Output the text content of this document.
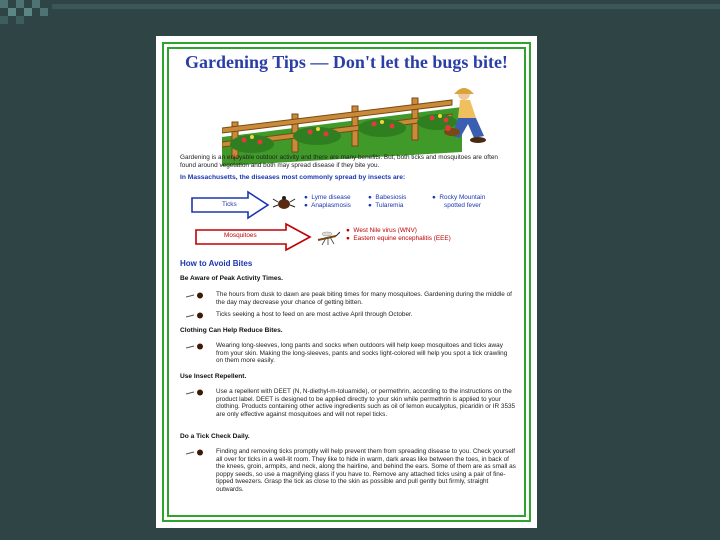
Gardening Tips — Don't let the bugs bite!
Gardening is an enjoyable outdoor activity and there are many benefits. But, both ticks and mosquitoes are often found around vegetation and both may spread disease if they bite you.
In Massachusetts, the diseases most commonly spread by insects are:
Ticks
●  Lyme disease
●  Anaplasmosis
●  Babesiosis
●  Tularemia
●  Rocky Mountain
spotted fever
Mosquitoes
●  West Nile virus (WNV)
●  Eastern equine encephalitis (EEE)
How to Avoid Bites
Be Aware of Peak Activity Times.
The hours from dusk to dawn are peak biting times for many mosquitoes. Gardening during the middle of the day may decrease your chance of getting bitten.
Ticks seeking a host to feed on are most active April through October.
Clothing Can Help Reduce Bites.
Wearing long-sleeves, long pants and socks when outdoors will help keep mosquitoes and ticks away from your skin. Making the long-sleeves, pants and socks light-colored will help you spot a tick crawling on them more easily.
Use Insect Repellent.
Use a repellent with DEET (N, N-diethyl-m-toluamide), or permethrin, according to the instructions on the product label. DEET is designed to be applied directly to your skin while permethrin is applied to your clothing. Products containing other active ingredients such as oil of lemon eucalyptus, picaridin or IR 3535 are only effective against mosquitoes and will not repel ticks.
Do a Tick Check Daily.
Finding and removing ticks promptly will help prevent them from spreading disease to you. Check yourself all over for ticks in a well-lit room. They like to hide in warm, dark areas like between the toes, in back of the knees, groin, armpits, and neck, along the hairline, and behind the ears. Some of them are as small as poppy seeds, so use a magnifying glass if you have to. Remove any attached ticks using a pair of fine-tipped tweezers. Grasp the tick as close to the skin as possible and pull gently but firmly, straight outwards.
